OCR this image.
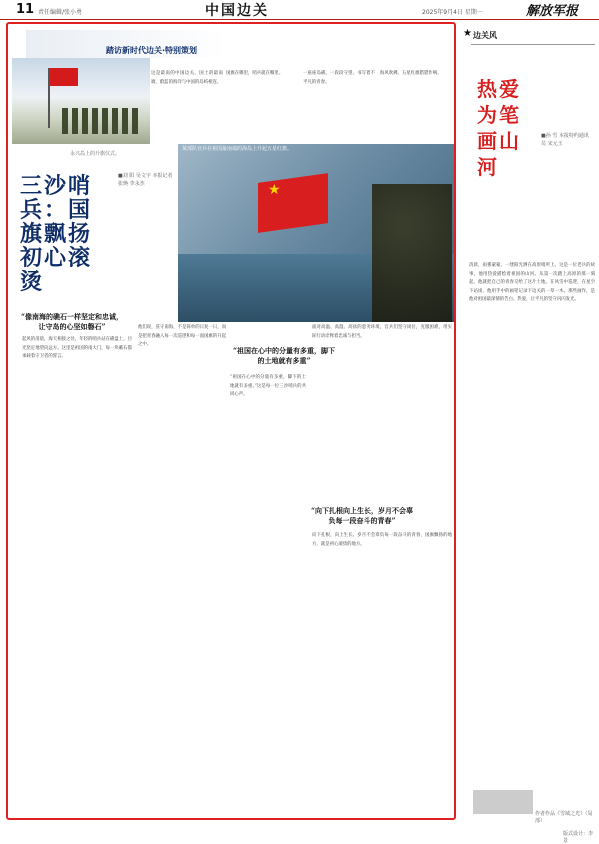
11 责任编辑/张小勇	中国边关	2025年9月4日 星期一	解放军报
踏访新时代边关·特别策划
永兴岛上的升旗仪式。
这是最南的中国边关。国土的最南端，蔚蓝的海洋与中国的岛屿相连。
国旗在哪里，哨兵就在哪里。	一座座岛礁，一段段守望，书写着不平凡的青春。
海风吹拂，五星红旗猎猎作响。
★
某部队官兵在祖国最南端的海岛上升起五星红旗。
三沙哨兵：国旗飘扬初心滚烫
■刘 阳 吴文宇 本报记者 张焕 李永杰
“像南海的礁石一样坚定和忠诚，让守岛的心坚如磐石”
“祖国在心中的分量有多重，脚下的土地就有多重”
“向下扎根向上生长，岁月不会辜负每一段奋斗的青春”
起风的清晨，海天相接之处，年轻的哨兵站在礁盘上，目光坚定地望向远方。这里是祖国的南大门，每一块礁石都承载着守卫者的誓言。
他们说，驻守南海，不是简单的日复一日，而是把青春融入每一次巡逻和每一面国旗的升起之中。
“祖国在心中的分量有多重，脚下的土地就有多重。”这是每一位三沙哨兵的共同心声。
面对高温、高湿、高盐的恶劣环境，官兵们坚守岗位，克服困难，用实际行动诠释着忠诚与担当。
向下扎根，向上生长。岁月不会辜负每一段奋斗的青春，国旗飘扬的地方，就是初心滚烫的地方。
★ 边关风
热爱为笔画山河
■孙 雪 本报特约通讯员 宋元玉
清晨，雨雾蒙蒙，一缕阳光洒在高原哨所上。这是一位老兵的故事，他用热爱描绘着祖国的山河。从第一次踏上高原的那一刻起，他就把自己的青春交给了这片土地。在风雪中巡逻，在星空下站岗，他用手中的画笔记录下边关的一草一木。那些画作，是他对祖国最深情的告白。热爱，让平凡的坚守闪闪发光。
作者作品《雪域之光》（局部）
版式设计：李 景
